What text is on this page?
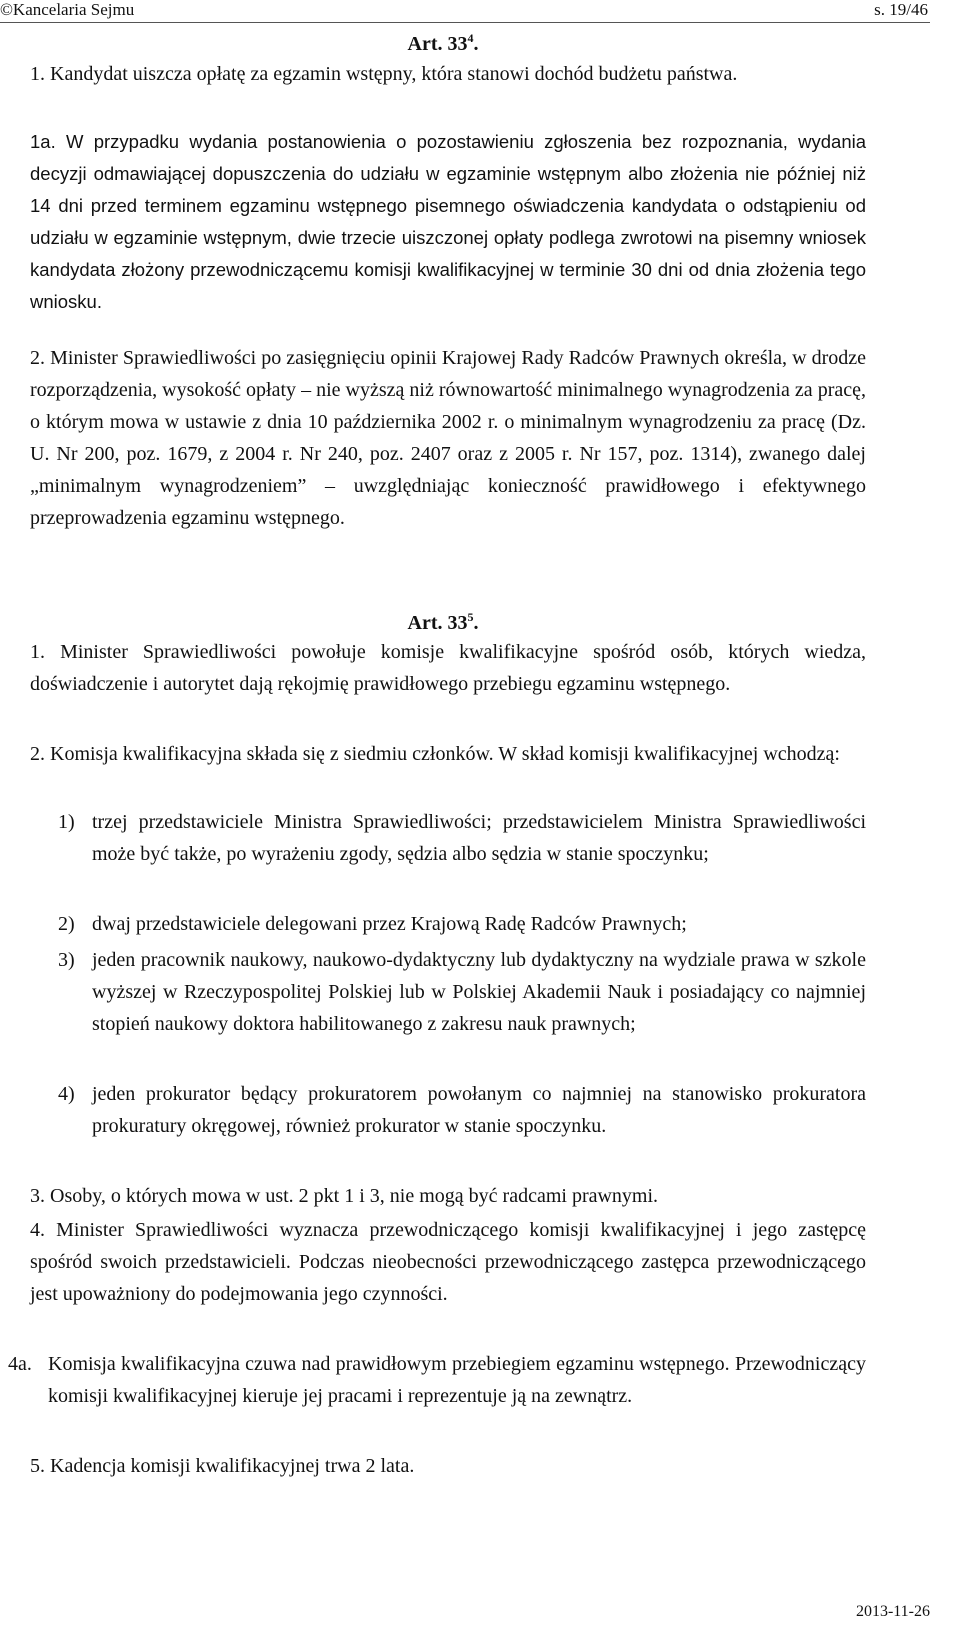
©Kancelaria Sejmu	s. 19/46
Art. $33^4$.
1. Kandydat uiszcza opłatę za egzamin wstępny, która stanowi dochód budżetu państwa.
1a. W przypadku wydania postanowienia o pozostawieniu zgłoszenia bez rozpoznania, wydania decyzji odmawiającej dopuszczenia do udziału w egzaminie wstępnym albo złożenia nie później niż 14 dni przed terminem egzaminu wstępnego pisemnego oświadczenia kandydata o odstąpieniu od udziału w egzaminie wstępnym, dwie trzecie uiszczonej opłaty podlega zwrotowi na pisemny wniosek kandydata złożony przewodniczącemu komisji kwalifikacyjnej w terminie 30 dni od dnia złożenia tego wniosku.
2. Minister Sprawiedliwości po zasięgnięciu opinii Krajowej Rady Radców Prawnych określa, w drodze rozporządzenia, wysokość opłaty – nie wyższą niż równowartość minimalnego wynagrodzenia za pracę, o którym mowa w ustawie z dnia 10 października 2002 r. o minimalnym wynagrodzeniu za pracę (Dz. U. Nr 200, poz. 1679, z 2004 r. Nr 240, poz. 2407 oraz z 2005 r. Nr 157, poz. 1314), zwanego dalej „minimalnym wynagrodzeniem” – uwzględniając konieczność prawidłowego i efektywnego przeprowadzenia egzaminu wstępnego.
Art. $33^5$.
1. Minister Sprawiedliwości powołuje komisje kwalifikacyjne spośród osób, których wiedza, doświadczenie i autorytet dają rękojmię prawidłowego przebiegu egzaminu wstępnego.
2. Komisja kwalifikacyjna składa się z siedmiu członków. W skład komisji kwalifikacyjnej wchodzą:
1) trzej przedstawiciele Ministra Sprawiedliwości; przedstawicielem Ministra Sprawiedliwości może być także, po wyrażeniu zgody, sędzia albo sędzia w stanie spoczynku;
2) dwaj przedstawiciele delegowani przez Krajową Radę Radców Prawnych;
3) jeden pracownik naukowy, naukowo-dydaktyczny lub dydaktyczny na wydziale prawa w szkole wyższej w Rzeczypospolitej Polskiej lub w Polskiej Akademii Nauk i posiadający co najmniej stopień naukowy doktora habilitowanego z zakresu nauk prawnych;
4) jeden prokurator będący prokuratorem powołanym co najmniej na stanowisko prokuratora prokuratury okręgowej, również prokurator w stanie spoczynku.
3. Osoby, o których mowa w ust. 2 pkt 1 i 3, nie mogą być radcami prawnymi.
4. Minister Sprawiedliwości wyznacza przewodniczącego komisji kwalifikacyjnej i jego zastępcę spośród swoich przedstawicieli. Podczas nieobecności przewodniczącego zastępca przewodniczącego jest upoważniony do podejmowania jego czynności.
4a. Komisja kwalifikacyjna czuwa nad prawidłowym przebiegiem egzaminu wstępnego. Przewodniczący komisji kwalifikacyjnej kieruje jej pracami i reprezentuje ją na zewnątrz.
5. Kadencja komisji kwalifikacyjnej trwa 2 lata.
2013-11-26
